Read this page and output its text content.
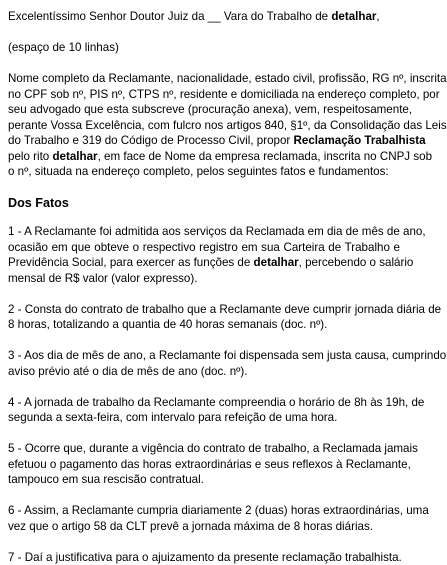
Excelentíssimo Senhor Doutor Juiz da __ Vara do Trabalho de detalhar,

(espaço de 10 linhas)

Nome completo da Reclamante, nacionalidade, estado civil, profissão, RG nº, inscrita

no CPF sob nº, PIS nº, CTPS nº, residente e domiciliada na endereço completo, por

seu advogado que esta subscreve (procuração anexa), vem, respeitosamente,

perante Vossa Excelência, com fulcro nos artigos 840, §1º, da Consolidação das Leis

do Trabalho e 319 do Código de Processo Civil, propor Reclamação Trabalhista

pelo rito detalhar, em face de Nome da empresa reclamada, inscrita no CNPJ sob

o nº, situada na endereço completo, pelos seguintes fatos e fundamentos:

Dos Fatos

1 - A Reclamante foi admitida aos serviços da Reclamada em dia de mês de ano,

ocasião em que obteve o respectivo registro em sua Carteira de Trabalho e

Previdência Social, para exercer as funções de detalhar, percebendo o salário

mensal de R$ valor (valor expresso).

2 - Consta do contrato de trabalho que a Reclamante deve cumprir jornada diária de

8 horas, totalizando a quantia de 40 horas semanais (doc. nº).

3 - Aos dia de mês de ano, a Reclamante foi dispensada sem justa causa, cumprindo

aviso prévio até o dia de mês de ano (doc. nº).

4 - A jornada de trabalho da Reclamante compreendia o horário de 8h às 19h, de

segunda a sexta-feira, com intervalo para refeição de uma hora.

5 - Ocorre que, durante a vigência do contrato de trabalho, a Reclamada jamais

efetuou o pagamento das horas extraordinárias e seus reflexos à Reclamante,

tampouco em sua rescisão contratual.

6 - Assim, a Reclamante cumpria diariamente 2 (duas) horas extraordinárias, uma

vez que o artigo 58 da CLT prevê a jornada máxima de 8 horas diárias.

7 - Daí a justificativa para o ajuizamento da presente reclamação trabalhista.
